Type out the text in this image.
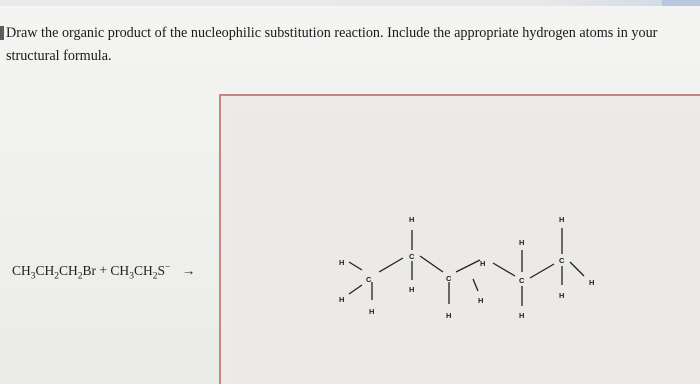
Draw the organic product of the nucleophilic substitution reaction. Include the appropriate hydrogen atoms in your structural formula.
$CH_3CH_2CH_2Br + CH_3CH_2S^-$ →	H
H
C
H
H
C
H
C
H
H
H
H
C
H
H
C
H
H
